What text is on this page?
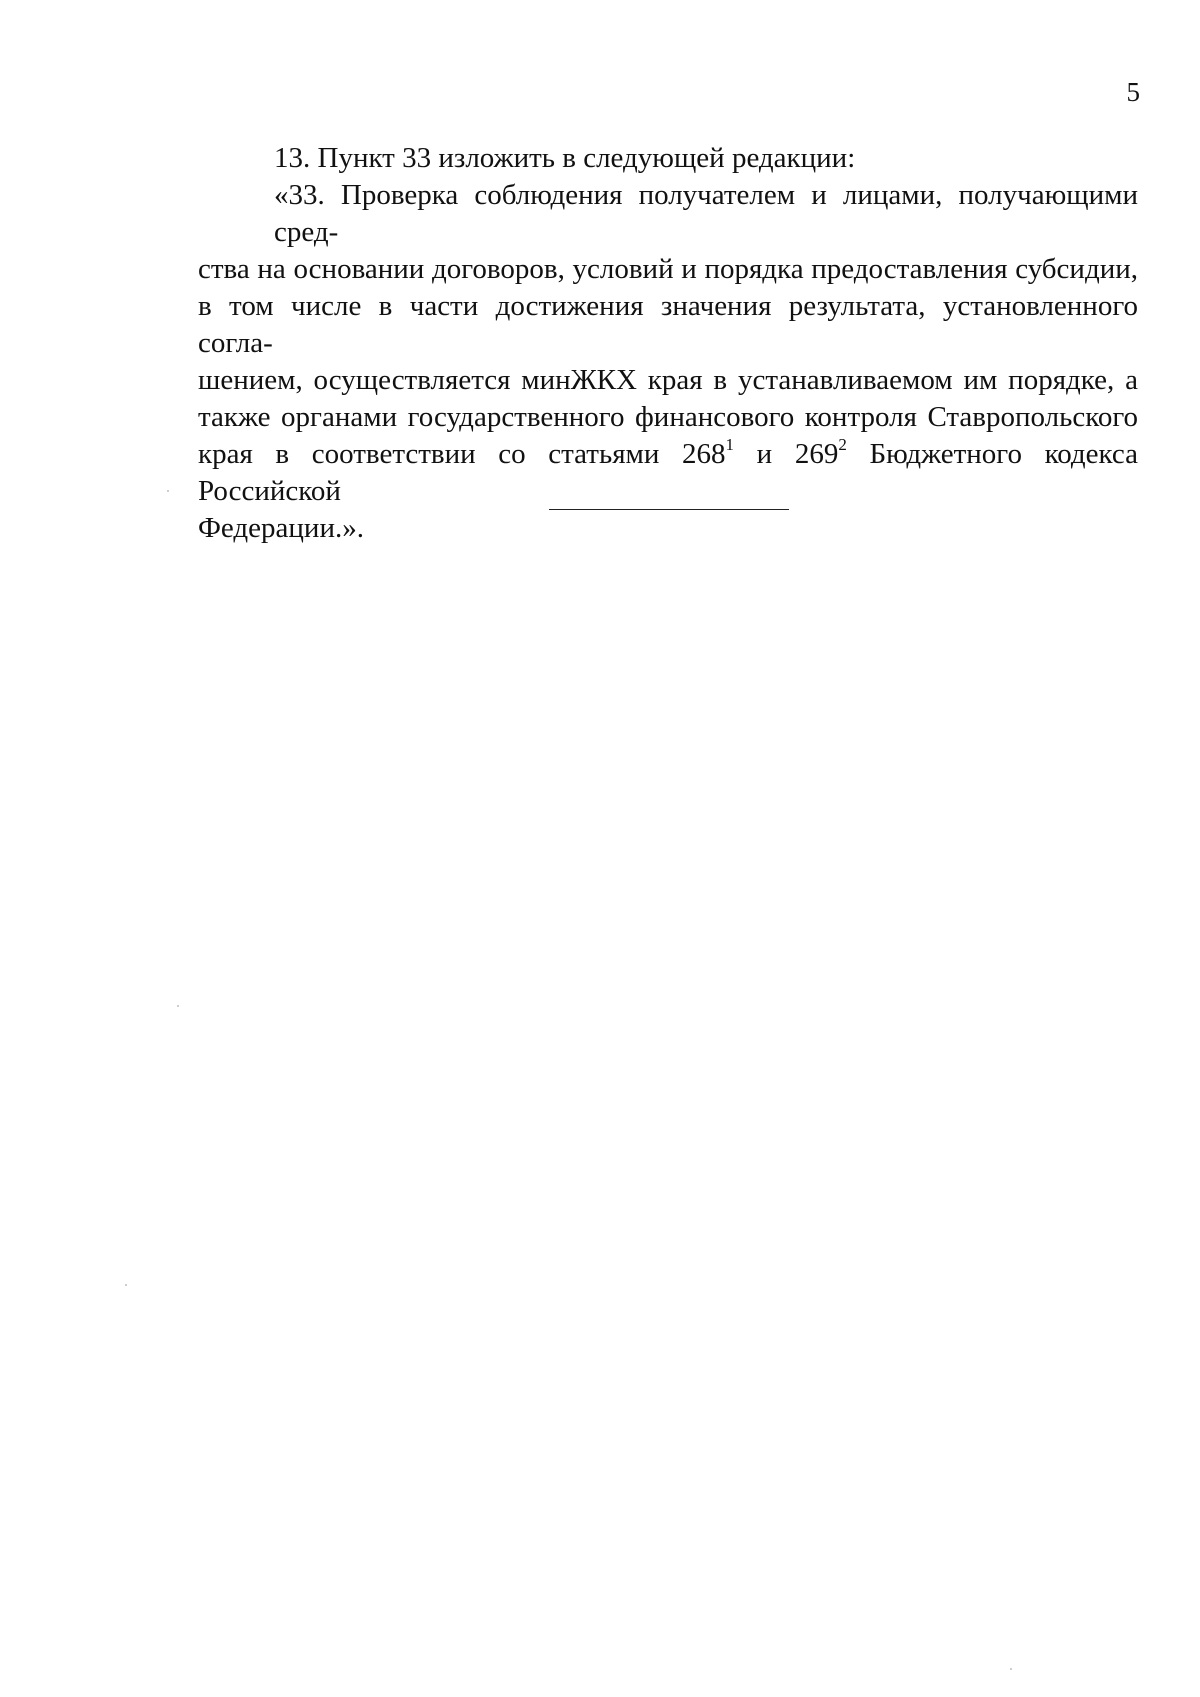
5
13. Пункт 33 изложить в следующей редакции:
«33. Проверка соблюдения получателем и лицами, получающими сред-
ства на основании договоров, условий и порядка предоставления субсидии,
в том числе в части достижения значения результата, установленного согла-
шением, осуществляется минЖКХ края в устанавливаемом им порядке, а
также органами государственного финансового контроля Ставропольского
края в соответствии со статьями $268^1$ и $269^2$ Бюджетного кодекса Российской
Федерации.».
